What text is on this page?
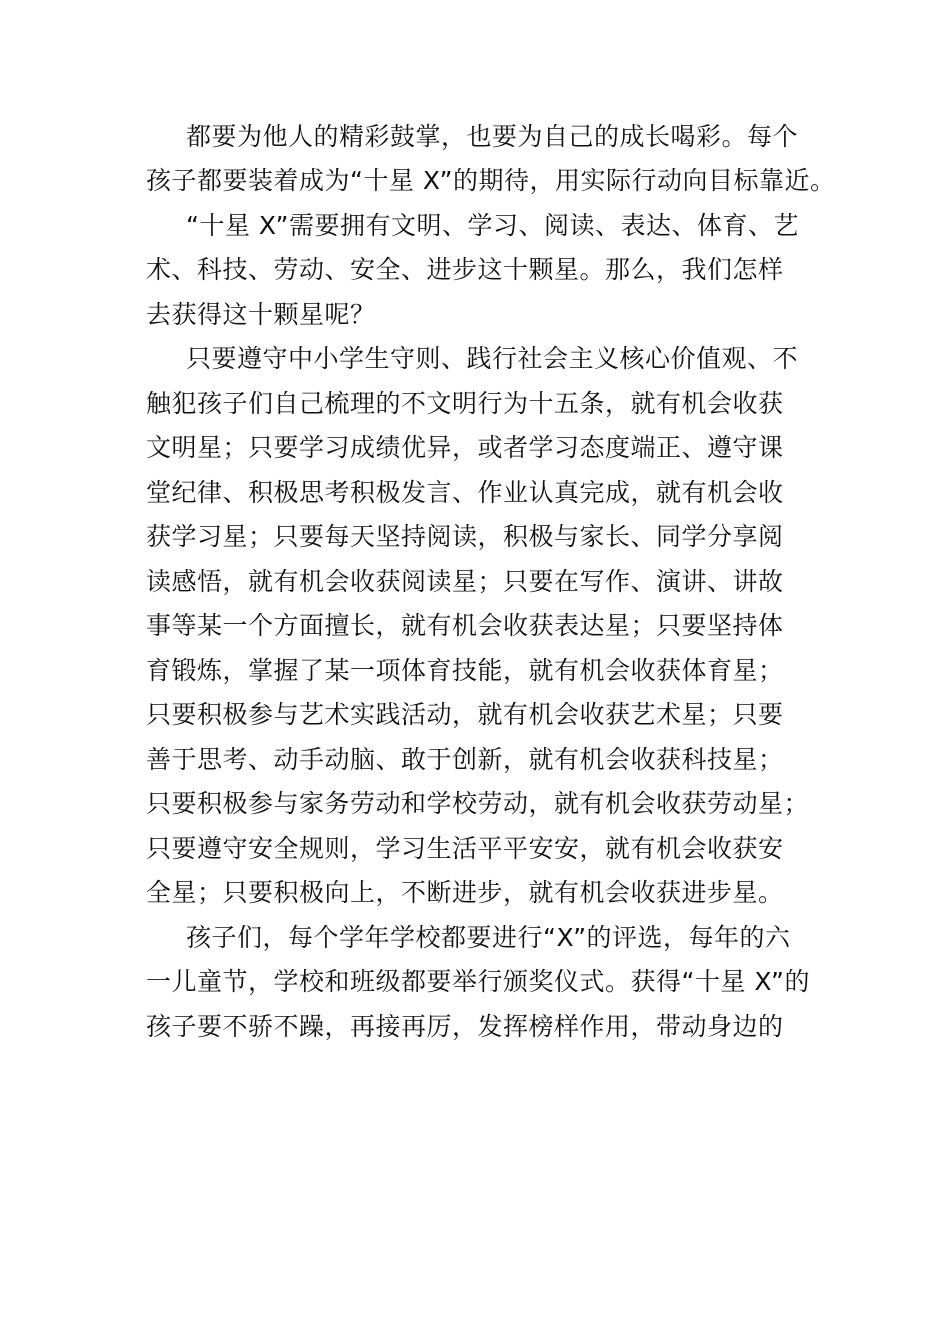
都要为他人的精彩鼓掌，也要为自己的成长喝彩。每个
孩子都要装着成为“十星 X”的期待，用实际行动向目标靠近。
“十星 X”需要拥有文明、学习、阅读、表达、体育、艺
术、科技、劳动、安全、进步这十颗星。那么，我们怎样
去获得这十颗星呢？
只要遵守中小学生守则、践行社会主义核心价值观、不
触犯孩子们自己梳理的不文明行为十五条，就有机会收获
文明星；只要学习成绩优异，或者学习态度端正、遵守课
堂纪律、积极思考积极发言、作业认真完成，就有机会收
获学习星；只要每天坚持阅读，积极与家长、同学分享阅
读感悟，就有机会收获阅读星；只要在写作、演讲、讲故
事等某一个方面擅长，就有机会收获表达星；只要坚持体
育锻炼，掌握了某一项体育技能，就有机会收获体育星；
只要积极参与艺术实践活动，就有机会收获艺术星；只要
善于思考、动手动脑、敢于创新，就有机会收获科技星；
只要积极参与家务劳动和学校劳动，就有机会收获劳动星；
只要遵守安全规则，学习生活平平安安，就有机会收获安
全星；只要积极向上，不断进步，就有机会收获进步星。
孩子们，每个学年学校都要进行“X”的评选，每年的六
一儿童节，学校和班级都要举行颁奖仪式。获得“十星 X”的
孩子要不骄不躁，再接再厉，发挥榜样作用，带动身边的
